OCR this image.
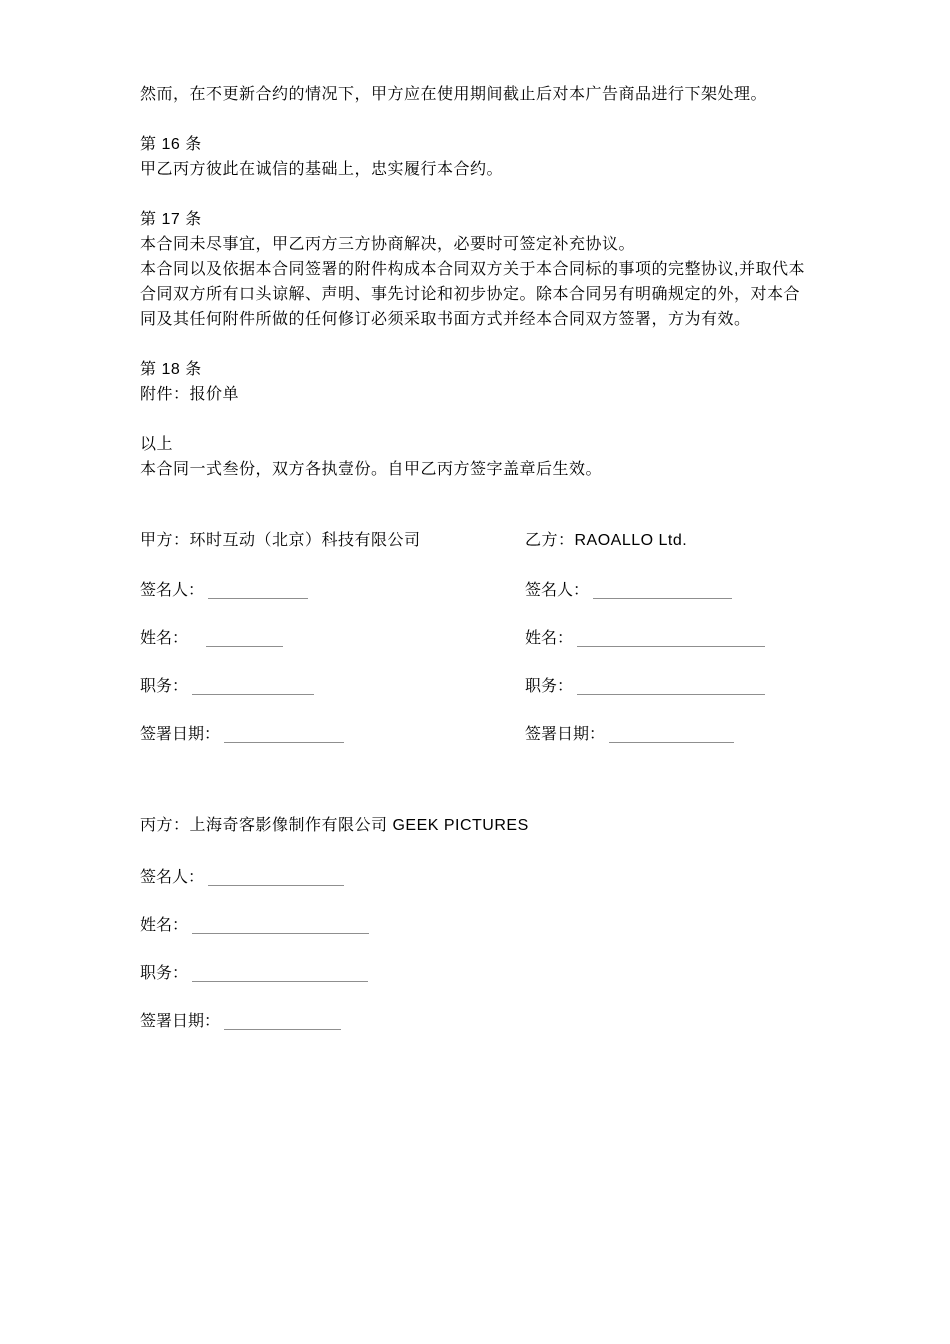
然而，在不更新合约的情况下，甲方应在使用期间截止后对本广告商品进行下架处理。

第 16 条

甲乙丙方彼此在诚信的基础上，忠实履行本合约。

第 17 条

本合同未尽事宜，甲乙丙方三方协商解决，必要时可签定补充协议。

本合同以及依据本合同签署的附件构成本合同双方关于本合同标的事项的完整协议,并取代本合同双方所有口头谅解、声明、事先讨论和初步协定。除本合同另有明确规定的外，对本合同及其任何附件所做的任何修订必须采取书面方式并经本合同双方签署，方为有效。

第 18 条

附件：报价单

以上

本合同一式叁份，双方各执壹份。自甲乙丙方签字盖章后生效。

甲方：环时互动（北京）科技有限公司

签名人：
姓名：
职务：
签署日期：

乙方：RAOALLO Ltd.

签名人：
姓名：
职务：
签署日期：

丙方：上海奇客影像制作有限公司 GEEK PICTURES

签名人：
姓名：
职务：
签署日期：
